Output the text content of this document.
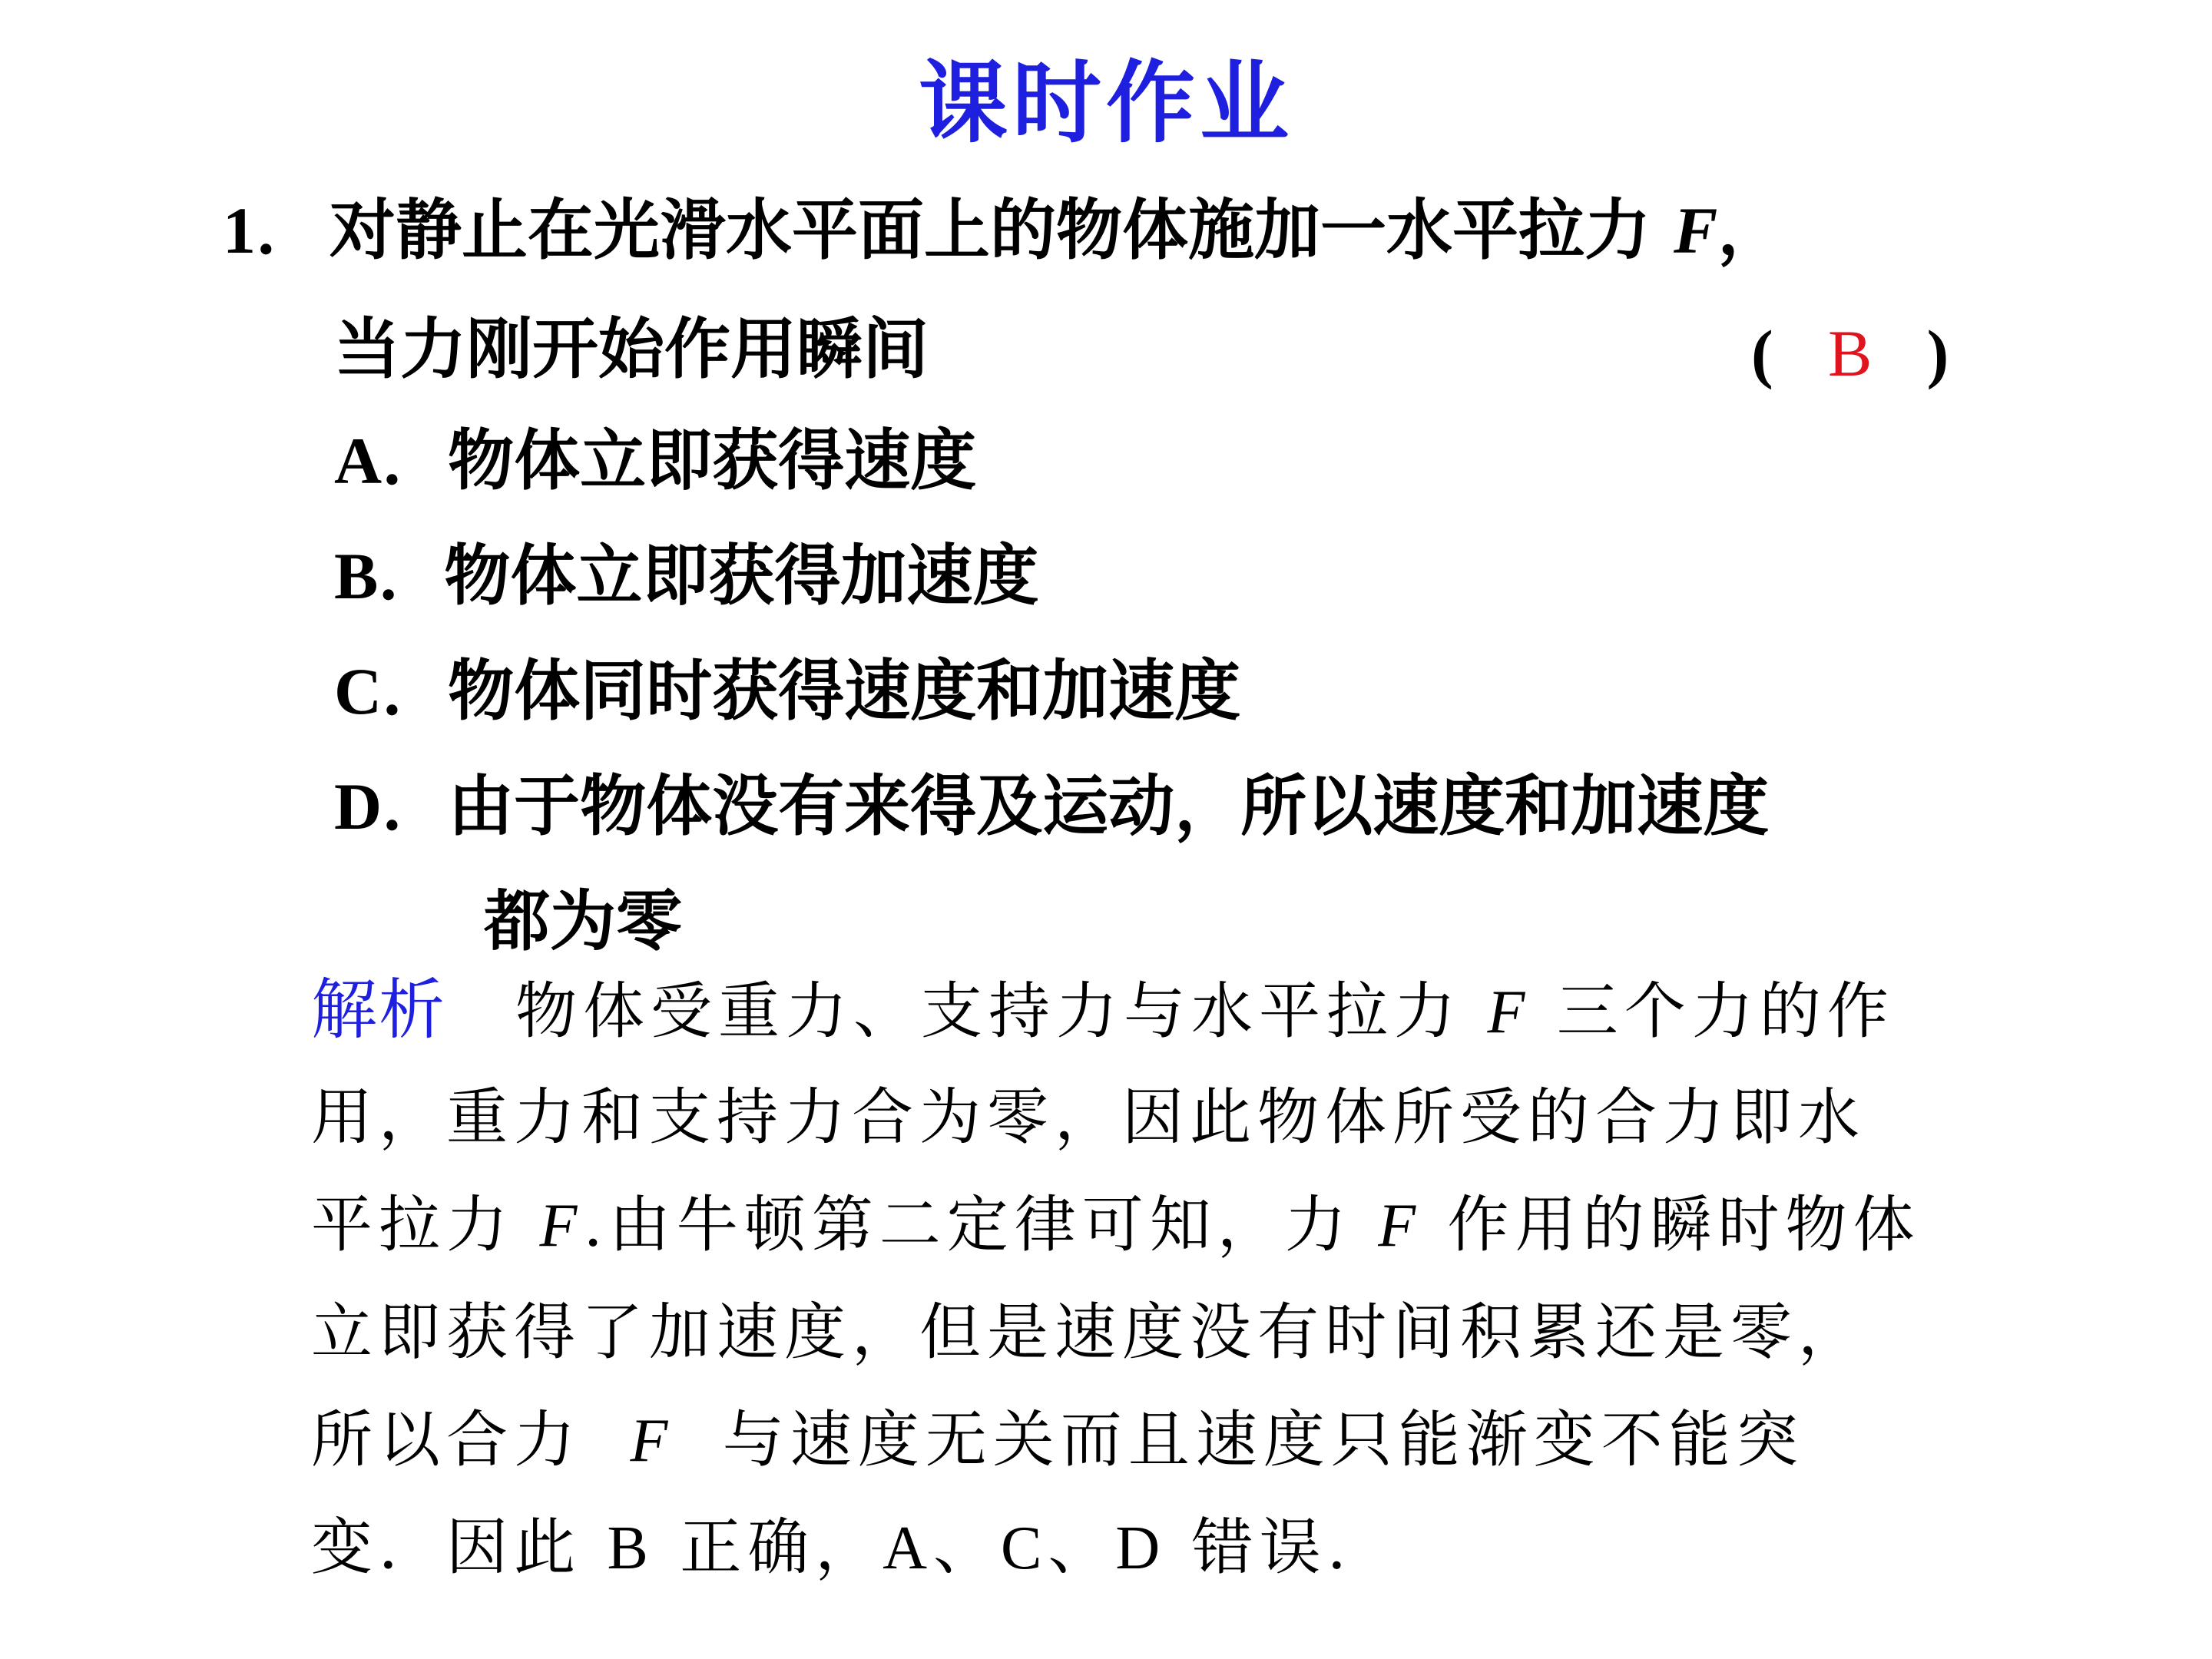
课时作业
1． 对静止在光滑水平面上的物体施加一水平拉力 F，
当力刚开始作用瞬间	( B )
A．物体立即获得速度
B．物体立即获得加速度
C．物体同时获得速度和加速度
D．由于物体没有来得及运动，所以速度和加速度
都为零
解析 物体受重力、支持力与水平拉力 F 三个力的作
用，重力和支持力合为零，因此物体所受的合力即水
平拉力 F.由牛顿第二定律可知，力 F 作用的瞬时物体
立即获得了加速度，但是速度没有时间积累还是零，
所以合力 F 与速度无关而且速度只能渐变不能突
变．因此 B 正确，A、C、D 错误.
